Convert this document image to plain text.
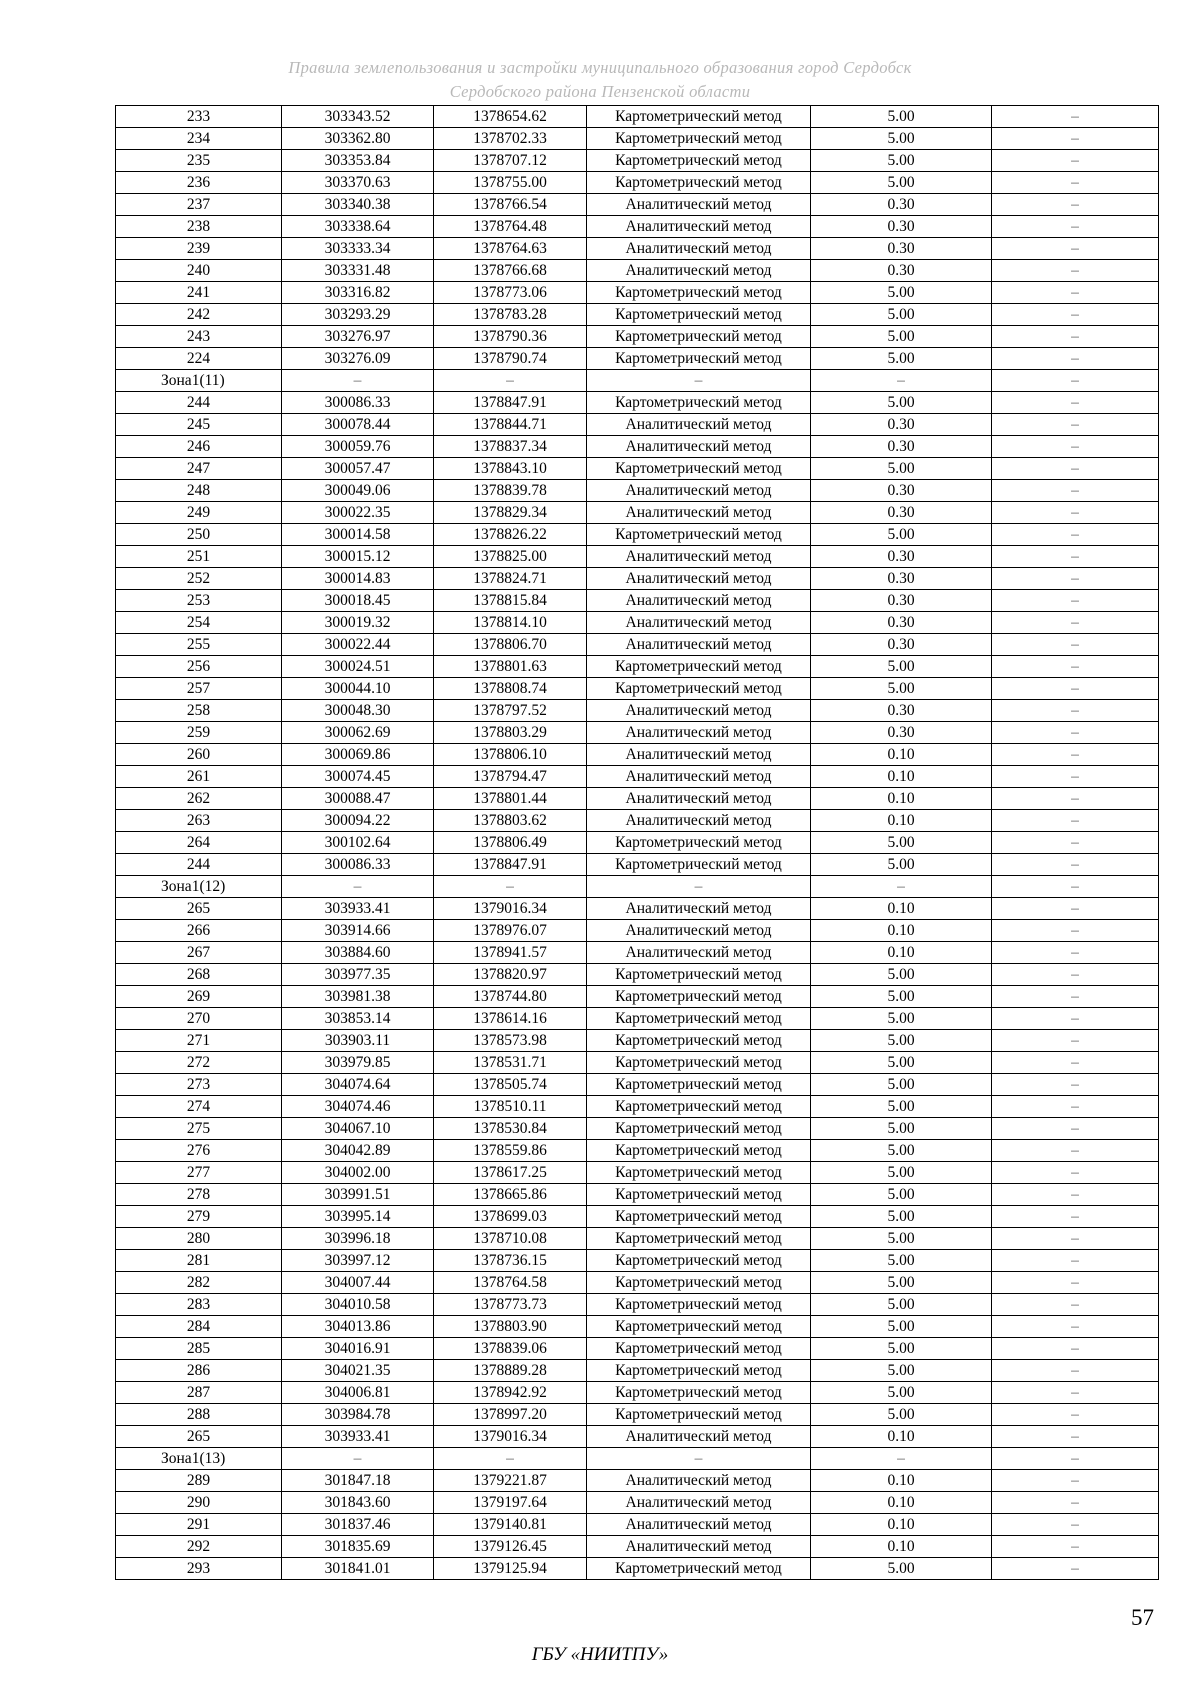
Правила землепользования и застройки муниципального образования город Сердобск
Сердобского района Пензенской области
233	303343.52	1378654.62	Картометрический метод	5.00	–
234	303362.80	1378702.33	Картометрический метод	5.00	–
235	303353.84	1378707.12	Картометрический метод	5.00	–
236	303370.63	1378755.00	Картометрический метод	5.00	–
237	303340.38	1378766.54	Аналитический метод	0.30	–
238	303338.64	1378764.48	Аналитический метод	0.30	–
239	303333.34	1378764.63	Аналитический метод	0.30	–
240	303331.48	1378766.68	Аналитический метод	0.30	–
241	303316.82	1378773.06	Картометрический метод	5.00	–
242	303293.29	1378783.28	Картометрический метод	5.00	–
243	303276.97	1378790.36	Картометрический метод	5.00	–
224	303276.09	1378790.74	Картометрический метод	5.00	–
Зона1(11)	–	–	–	–	–
244	300086.33	1378847.91	Картометрический метод	5.00	–
245	300078.44	1378844.71	Аналитический метод	0.30	–
246	300059.76	1378837.34	Аналитический метод	0.30	–
247	300057.47	1378843.10	Картометрический метод	5.00	–
248	300049.06	1378839.78	Аналитический метод	0.30	–
249	300022.35	1378829.34	Аналитический метод	0.30	–
250	300014.58	1378826.22	Картометрический метод	5.00	–
251	300015.12	1378825.00	Аналитический метод	0.30	–
252	300014.83	1378824.71	Аналитический метод	0.30	–
253	300018.45	1378815.84	Аналитический метод	0.30	–
254	300019.32	1378814.10	Аналитический метод	0.30	–
255	300022.44	1378806.70	Аналитический метод	0.30	–
256	300024.51	1378801.63	Картометрический метод	5.00	–
257	300044.10	1378808.74	Картометрический метод	5.00	–
258	300048.30	1378797.52	Аналитический метод	0.30	–
259	300062.69	1378803.29	Аналитический метод	0.30	–
260	300069.86	1378806.10	Аналитический метод	0.10	–
261	300074.45	1378794.47	Аналитический метод	0.10	–
262	300088.47	1378801.44	Аналитический метод	0.10	–
263	300094.22	1378803.62	Аналитический метод	0.10	–
264	300102.64	1378806.49	Картометрический метод	5.00	–
244	300086.33	1378847.91	Картометрический метод	5.00	–
Зона1(12)	–	–	–	–	–
265	303933.41	1379016.34	Аналитический метод	0.10	–
266	303914.66	1378976.07	Аналитический метод	0.10	–
267	303884.60	1378941.57	Аналитический метод	0.10	–
268	303977.35	1378820.97	Картометрический метод	5.00	–
269	303981.38	1378744.80	Картометрический метод	5.00	–
270	303853.14	1378614.16	Картометрический метод	5.00	–
271	303903.11	1378573.98	Картометрический метод	5.00	–
272	303979.85	1378531.71	Картометрический метод	5.00	–
273	304074.64	1378505.74	Картометрический метод	5.00	–
274	304074.46	1378510.11	Картометрический метод	5.00	–
275	304067.10	1378530.84	Картометрический метод	5.00	–
276	304042.89	1378559.86	Картометрический метод	5.00	–
277	304002.00	1378617.25	Картометрический метод	5.00	–
278	303991.51	1378665.86	Картометрический метод	5.00	–
279	303995.14	1378699.03	Картометрический метод	5.00	–
280	303996.18	1378710.08	Картометрический метод	5.00	–
281	303997.12	1378736.15	Картометрический метод	5.00	–
282	304007.44	1378764.58	Картометрический метод	5.00	–
283	304010.58	1378773.73	Картометрический метод	5.00	–
284	304013.86	1378803.90	Картометрический метод	5.00	–
285	304016.91	1378839.06	Картометрический метод	5.00	–
286	304021.35	1378889.28	Картометрический метод	5.00	–
287	304006.81	1378942.92	Картометрический метод	5.00	–
288	303984.78	1378997.20	Картометрический метод	5.00	–
265	303933.41	1379016.34	Аналитический метод	0.10	–
Зона1(13)	–	–	–	–	–
289	301847.18	1379221.87	Аналитический метод	0.10	–
290	301843.60	1379197.64	Аналитический метод	0.10	–
291	301837.46	1379140.81	Аналитический метод	0.10	–
292	301835.69	1379126.45	Аналитический метод	0.10	–
293	301841.01	1379125.94	Картометрический метод	5.00	–
57
ГБУ «НИИТПУ»
